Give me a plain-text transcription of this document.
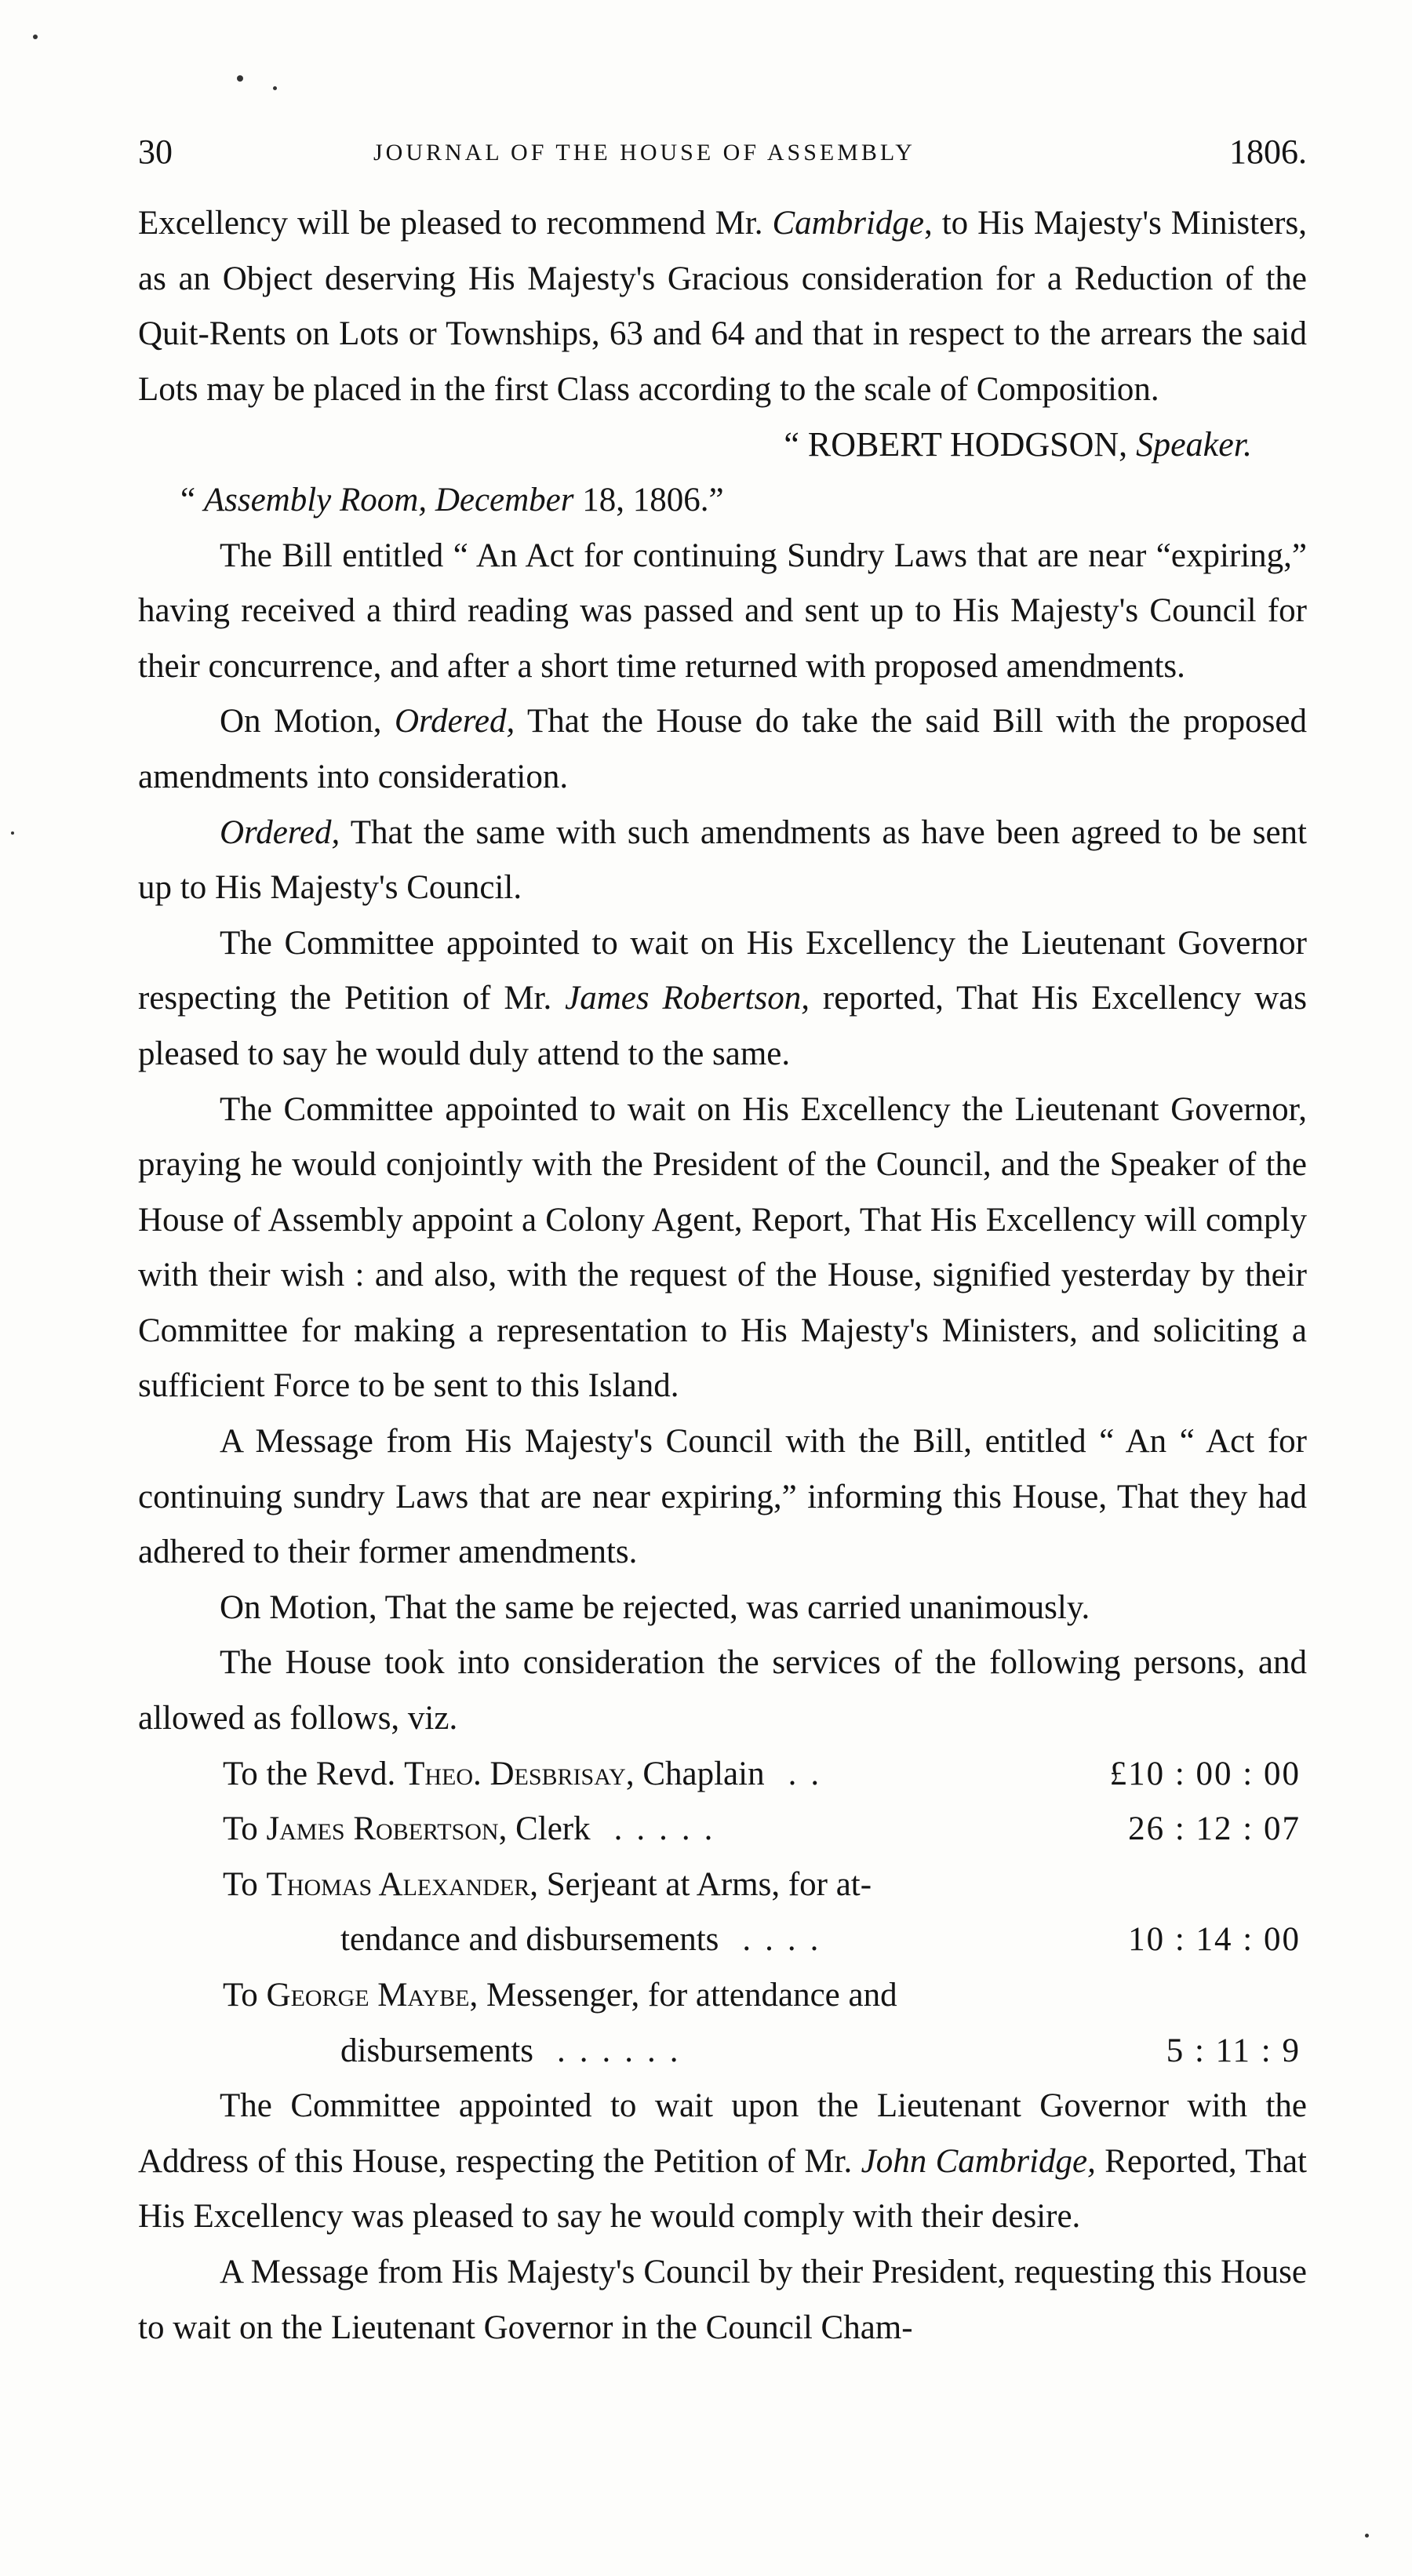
30	JOURNAL OF THE HOUSE OF ASSEMBLY	1806.

Excellency will be pleased to recommend Mr. Cambridge, to His Majesty's Ministers, as an Object deserving His Majesty's Gracious consideration for a Reduction of the Quit-Rents on Lots or Townships, 63 and 64 and that in respect to the arrears the said Lots may be placed in the first Class according to the scale of Composition.

“ ROBERT HODGSON, Speaker.

“ Assembly Room, December 18, 1806.”

The Bill entitled “ An Act for continuing Sundry Laws that are near “expiring,” having received a third reading was passed and sent up to His Majesty's Council for their concurrence, and after a short time returned with proposed amendments.

On Motion, Ordered, That the House do take the said Bill with the proposed amendments into consideration.

Ordered, That the same with such amendments as have been agreed to be sent up to His Majesty's Council.

The Committee appointed to wait on His Excellency the Lieutenant Governor respecting the Petition of Mr. James Robertson, reported, That His Excellency was pleased to say he would duly attend to the same.

The Committee appointed to wait on His Excellency the Lieutenant Governor, praying he would conjointly with the President of the Council, and the Speaker of the House of Assembly appoint a Colony Agent, Report, That His Excellency will comply with their wish : and also, with the request of the House, signified yesterday by their Committee for making a representation to His Majesty's Ministers, and soliciting a sufficient Force to be sent to this Island.

A Message from His Majesty's Council with the Bill, entitled “ An “ Act for continuing sundry Laws that are near expiring,” informing this House, That they had adhered to their former amendments.

On Motion, That the same be rejected, was carried unanimously.

The House took into consideration the services of the following persons, and allowed as follows, viz.

To the Revd. Theo. Desbrisay, Chaplain ..	£10 : 00 : 00
To James Robertson, Clerk .....	26 : 12 : 07
To Thomas Alexander, Serjeant at Arms, for at-
tendance and disbursements ....	10 : 14 : 00
To George Maybe, Messenger, for attendance and
disbursements ......	5 : 11 : 9

The Committee appointed to wait upon the Lieutenant Governor with the Address of this House, respecting the Petition of Mr. John Cambridge, Reported, That His Excellency was pleased to say he would comply with their desire.

A Message from His Majesty's Council by their President, requesting this House to wait on the Lieutenant Governor in the Council Cham-
